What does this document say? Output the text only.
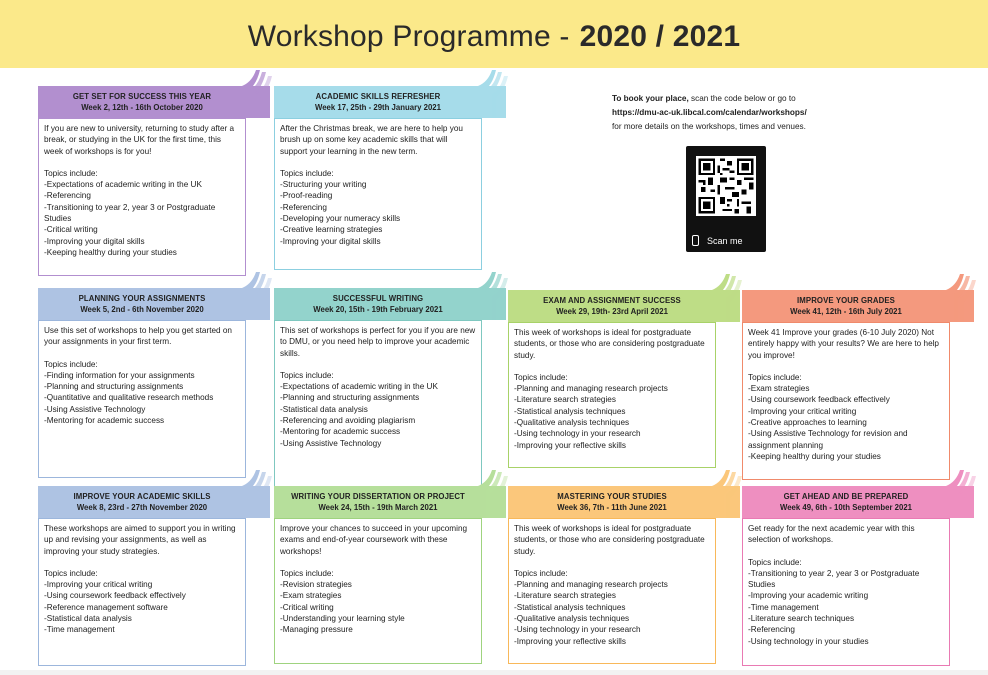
Workshop Programme - 2020 / 2021
To book your place, scan the code below or go to
https://dmu-ac-uk.libcal.com/calendar/workshops/
for more details on the workshops, times and venues.
Scan me
GET SET FOR SUCCESS THIS YEAR
Week 2, 12th - 16th October 2020

If you are new to university, returning to study after a break, or studying in the UK for the first time, this week of workshops is for you!

Topics include:

-Expectations of academic writing in the UK

-Referencing

-Transitioning to year 2, year 3 or Postgraduate Studies

-Critical writing

-Improving your digital skills

-Keeping healthy during your studies

ACADEMIC SKILLS REFRESHER
Week 17, 25th - 29th January 2021

After the Christmas break, we are here to help you brush up on some key academic skills that will support your learning in the new term.

Topics include:

-Structuring your writing

-Proof-reading

-Referencing

-Developing your numeracy skills

-Creative learning strategies

-Improving your digital skills

PLANNING YOUR ASSIGNMENTS
Week 5, 2nd - 6th November 2020

Use this set of workshops to help you get started on your assignments in your first term.

Topics include:

-Finding information for your assignments

-Planning and structuring assignments

-Quantitative and qualitative research methods

-Using Assistive Technology

-Mentoring for academic success

SUCCESSFUL WRITING
Week 20, 15th - 19th February 2021

This set of workshops is perfect for you if you are new to DMU, or you need help to improve your academic skills.

Topics include:

-Expectations of academic writing in the UK

-Planning and structuring assignments

-Statistical data analysis

-Referencing and avoiding plagiarism

-Mentoring for academic success

-Using Assistive Technology

EXAM AND ASSIGNMENT SUCCESS
Week 29, 19th- 23rd April 2021

This week of workshops is ideal for postgraduate students, or those who are considering postgraduate study.

Topics include:

-Planning and managing research projects

-Literature search strategies

-Statistical analysis techniques

-Qualitative analysis techniques

-Using technology in your research

-Improving your reflective skills

IMPROVE YOUR GRADES
Week 41, 12th - 16th July 2021

Week 41 Improve your grades (6-10 July 2020) Not entirely happy with your results? We are here to help you improve!

Topics include:

-Exam strategies

-Using coursework feedback effectively

-Improving your critical writing

-Creative approaches to learning

-Using Assistive Technology for revision and assignment planning

-Keeping healthy during your studies

IMPROVE YOUR ACADEMIC SKILLS
Week 8, 23rd - 27th November 2020

These workshops are aimed to support you in writing up and revising your assignments, as well as improving your study strategies.

Topics include:

-Improving your critical writing

-Using coursework feedback effectively

-Reference management software

-Statistical data analysis

-Time management

WRITING YOUR DISSERTATION OR PROJECT
Week 24, 15th - 19th March 2021

Improve your chances to succeed in your upcoming exams and end-of-year coursework with these workshops!

Topics include:

-Revision strategies

-Exam strategies

-Critical writing

-Understanding your learning style

-Managing pressure

MASTERING YOUR STUDIES
Week 36, 7th - 11th June 2021

This week of workshops is ideal for postgraduate students, or those who are considering postgraduate study.

Topics include:

-Planning and managing research projects

-Literature search strategies

-Statistical analysis techniques

-Qualitative analysis techniques

-Using technology in your research

-Improving your reflective skills

GET AHEAD AND BE PREPARED
Week 49, 6th - 10th September 2021

Get ready for the next academic year with this selection of workshops.

Topics include:

-Transitioning to year 2, year 3 or Postgraduate Studies

-Improving your academic writing

-Time management

-Literature search techniques

-Referencing

-Using technology in your studies
